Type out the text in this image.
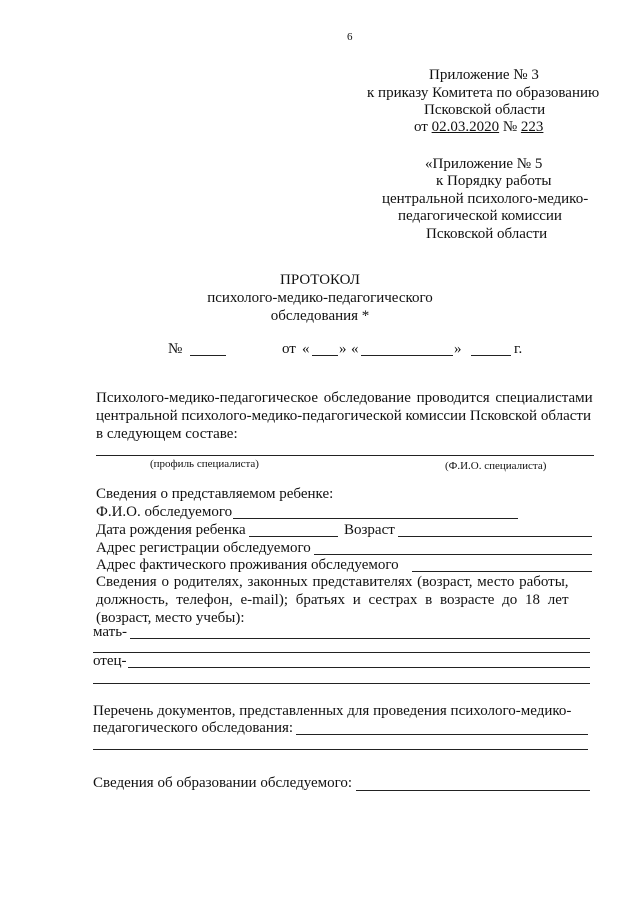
6
Приложение № 3
к приказу Комитета по образованию
Псковской области
от 02.03.2020 № 223
«Приложение № 5
к Порядку работы
центральной психолого-медико-
педагогической комиссии
Псковской области
ПРОТОКОЛ
психолого-медико-педагогического
обследования *
№	от « » «	»	г.
Психолого-медико-педагогическое обследование проводится специалистами
центральной психолого-медико-педагогической комиссии Псковской области
в следующем составе:
(профиль специалиста)	(Ф.И.О. специалиста)
Сведения о представляемом ребенке:
Ф.И.О. обследуемого
Дата рождения ребенка	Возраст
Адрес регистрации обследуемого
Адрес фактического проживания обследуемого
Сведения о родителях, законных представителях (возраст, место работы,
должность, телефон, e-mail); братьях и сестрах в возрасте до 18 лет
(возраст, место учебы):
мать-
отец-
Перечень документов, представленных для проведения психолого-медико-
педагогического обследования:
Сведения об образовании обследуемого:
